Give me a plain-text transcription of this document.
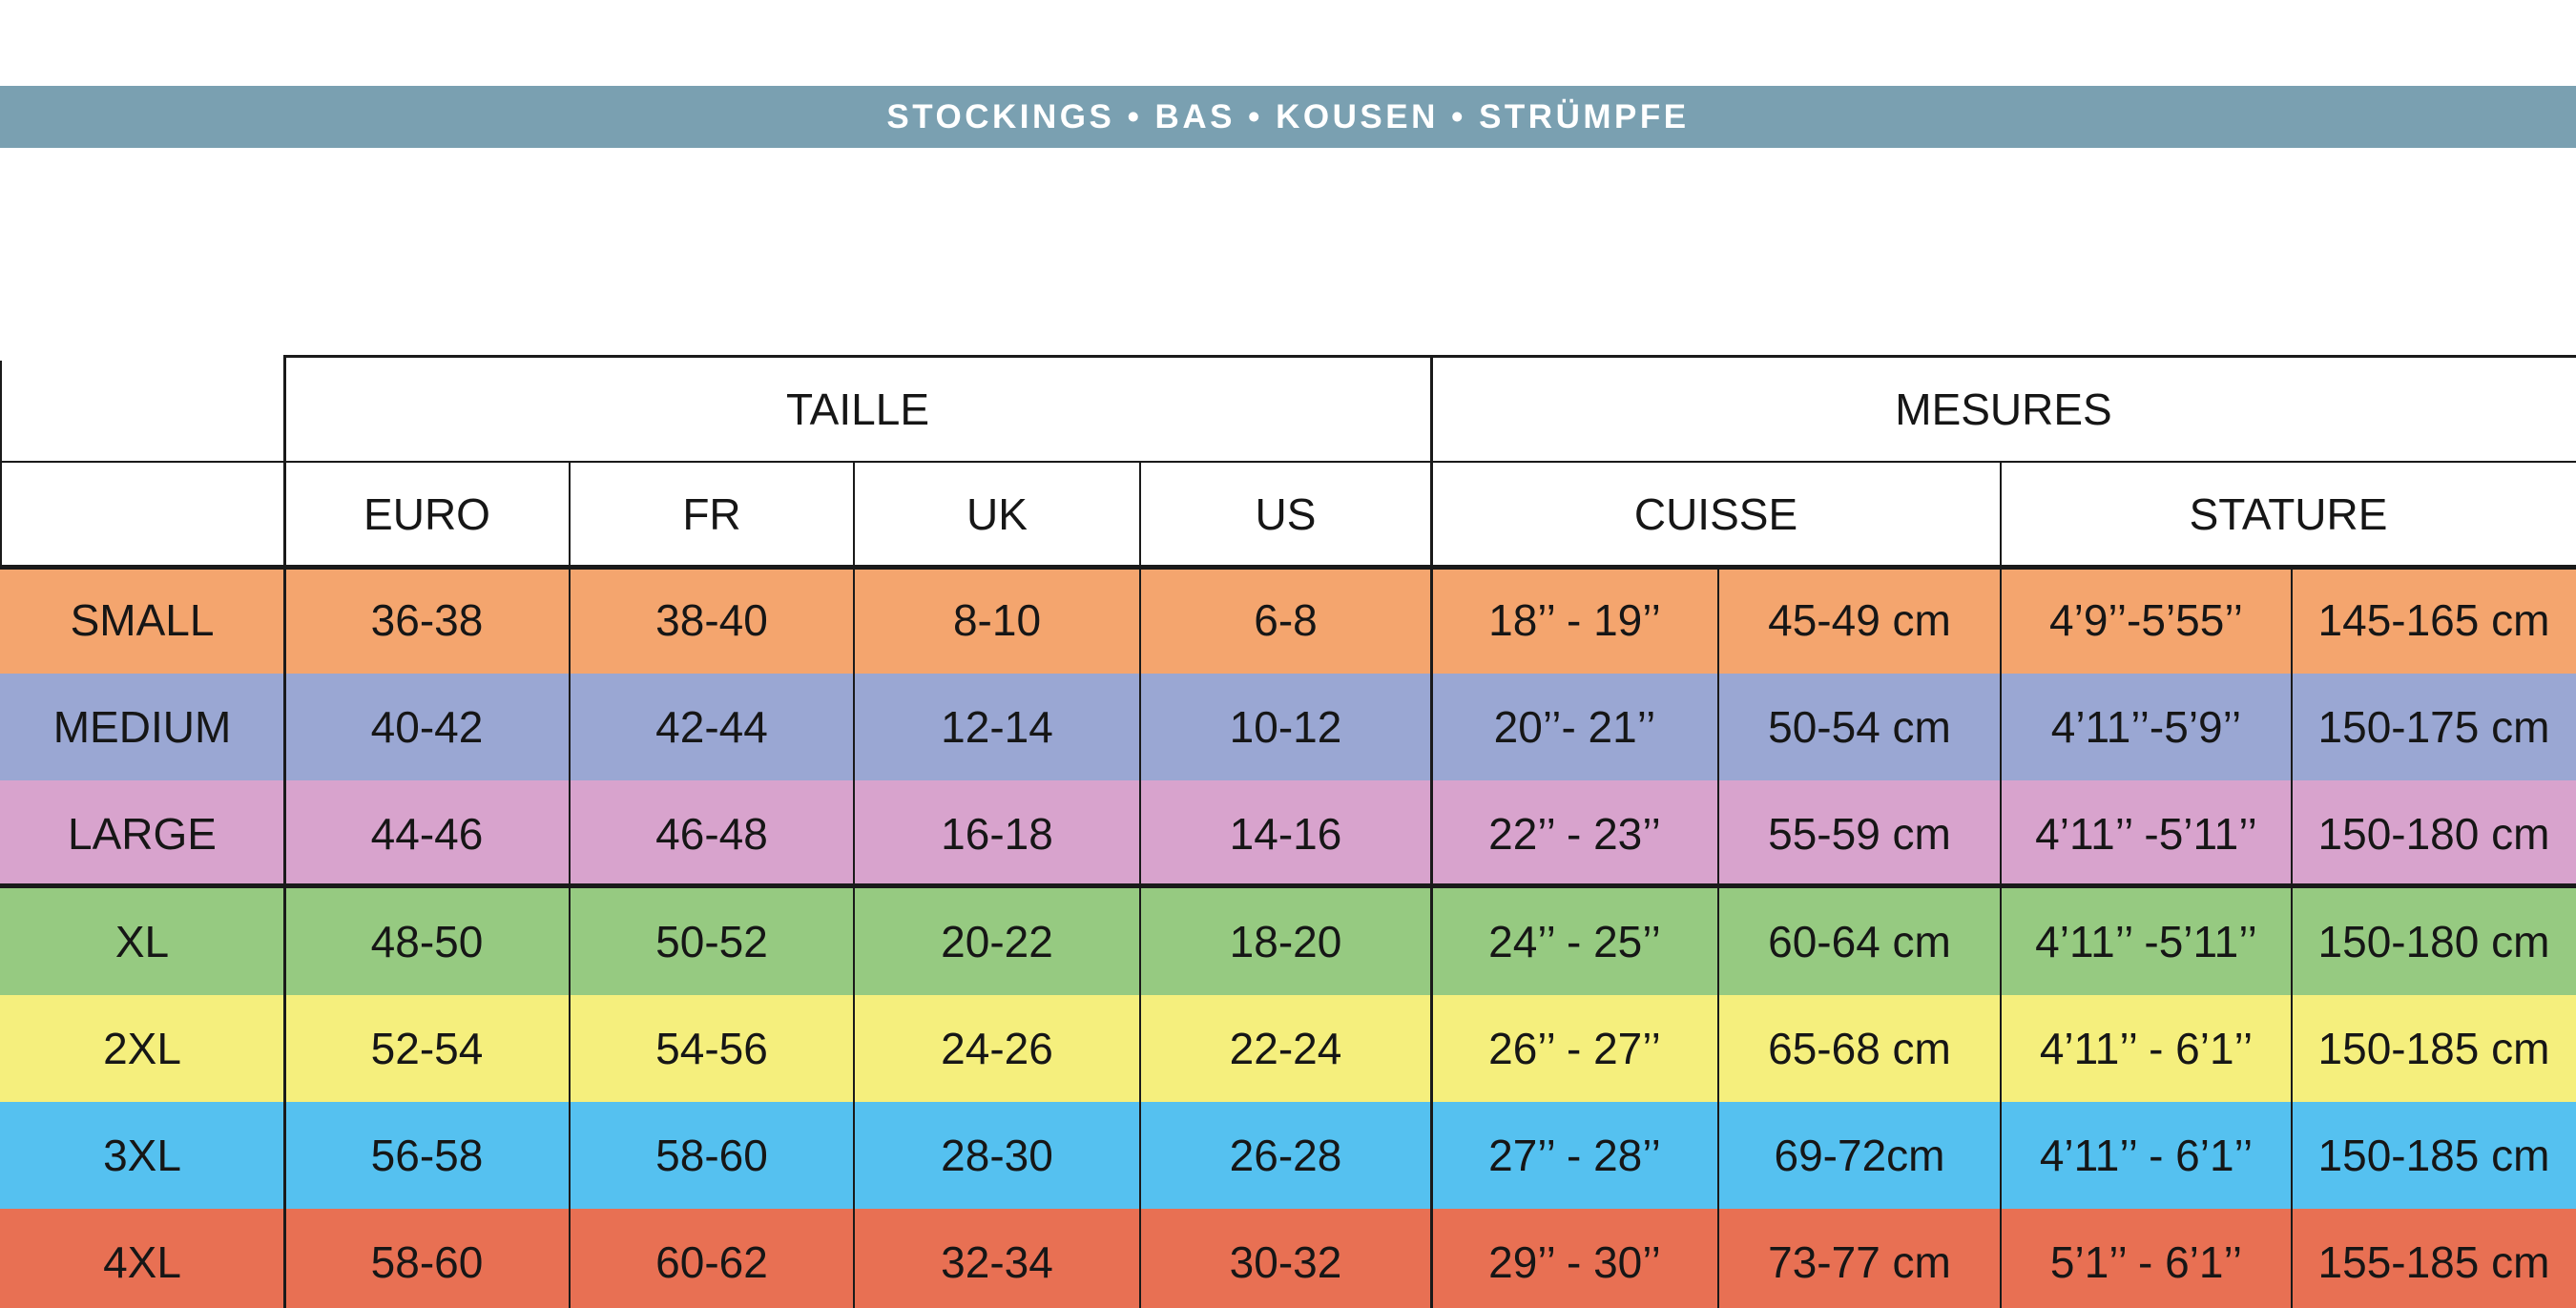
STOCKINGS • BAS • KOUSEN • STRÜMPFE
TAILLE	MESURES
EURO	FR	UK	US	CUISSE	STATURE
SMALL	36-38	38-40	8-10	6-8	18’’ - 19’’	45-49 cm	4’9’’-5’55’’	145-165 cm
MEDIUM	40-42	42-44	12-14	10-12	20’’- 21’’	50-54 cm	4’11’’-5’9’’	150-175 cm
LARGE	44-46	46-48	16-18	14-16	22’’ - 23’’	55-59 cm	4’11’’ -5’11’’	150-180 cm
XL	48-50	50-52	20-22	18-20	24’’ - 25’’	60-64 cm	4’11’’ -5’11’’	150-180 cm
2XL	52-54	54-56	24-26	22-24	26’’ - 27’’	65-68 cm	4’11’’ - 6’1’’	150-185 cm
3XL	56-58	58-60	28-30	26-28	27’’ - 28’’	69-72cm	4’11’’ - 6’1’’	150-185 cm
4XL	58-60	60-62	32-34	30-32	29’’ - 30’’	73-77 cm	5’1’’ - 6’1’’	155-185 cm
